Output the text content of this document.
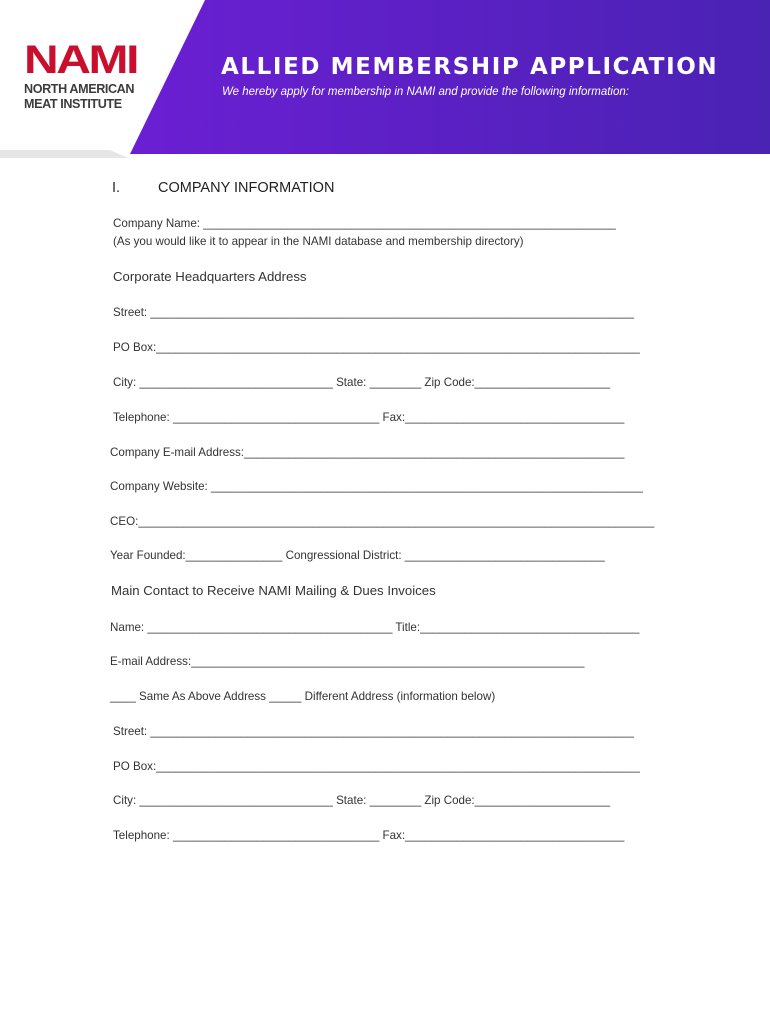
NAMI
NORTH AMERICAN
MEAT INSTITUTE
ALLIED MEMBERSHIP APPLICATION

We hereby apply for membership in NAMI and provide the following information:

I.	COMPANY INFORMATION
Company Name: ________________________________________________________________
(As you would like it to appear in the NAMI database and membership directory)
Corporate Headquarters Address
Street: ___________________________________________________________________________
PO Box:___________________________________________________________________________
City: ______________________________ State: ________ Zip Code:_____________________
Telephone: ________________________________ Fax:__________________________________
Company E-mail Address:___________________________________________________________
Company Website: ___________________________________________________________________
CEO:________________________________________________________________________________
Year Founded:_______________ Congressional District: _______________________________
Main Contact to Receive NAMI Mailing & Dues Invoices
Name: ______________________________________ Title:__________________________________
E-mail Address:_____________________________________________________________
____ Same As Above Address _____ Different Address (information below)
Street: ___________________________________________________________________________
PO Box:___________________________________________________________________________
City: ______________________________ State: ________ Zip Code:_____________________
Telephone: ________________________________ Fax:__________________________________
